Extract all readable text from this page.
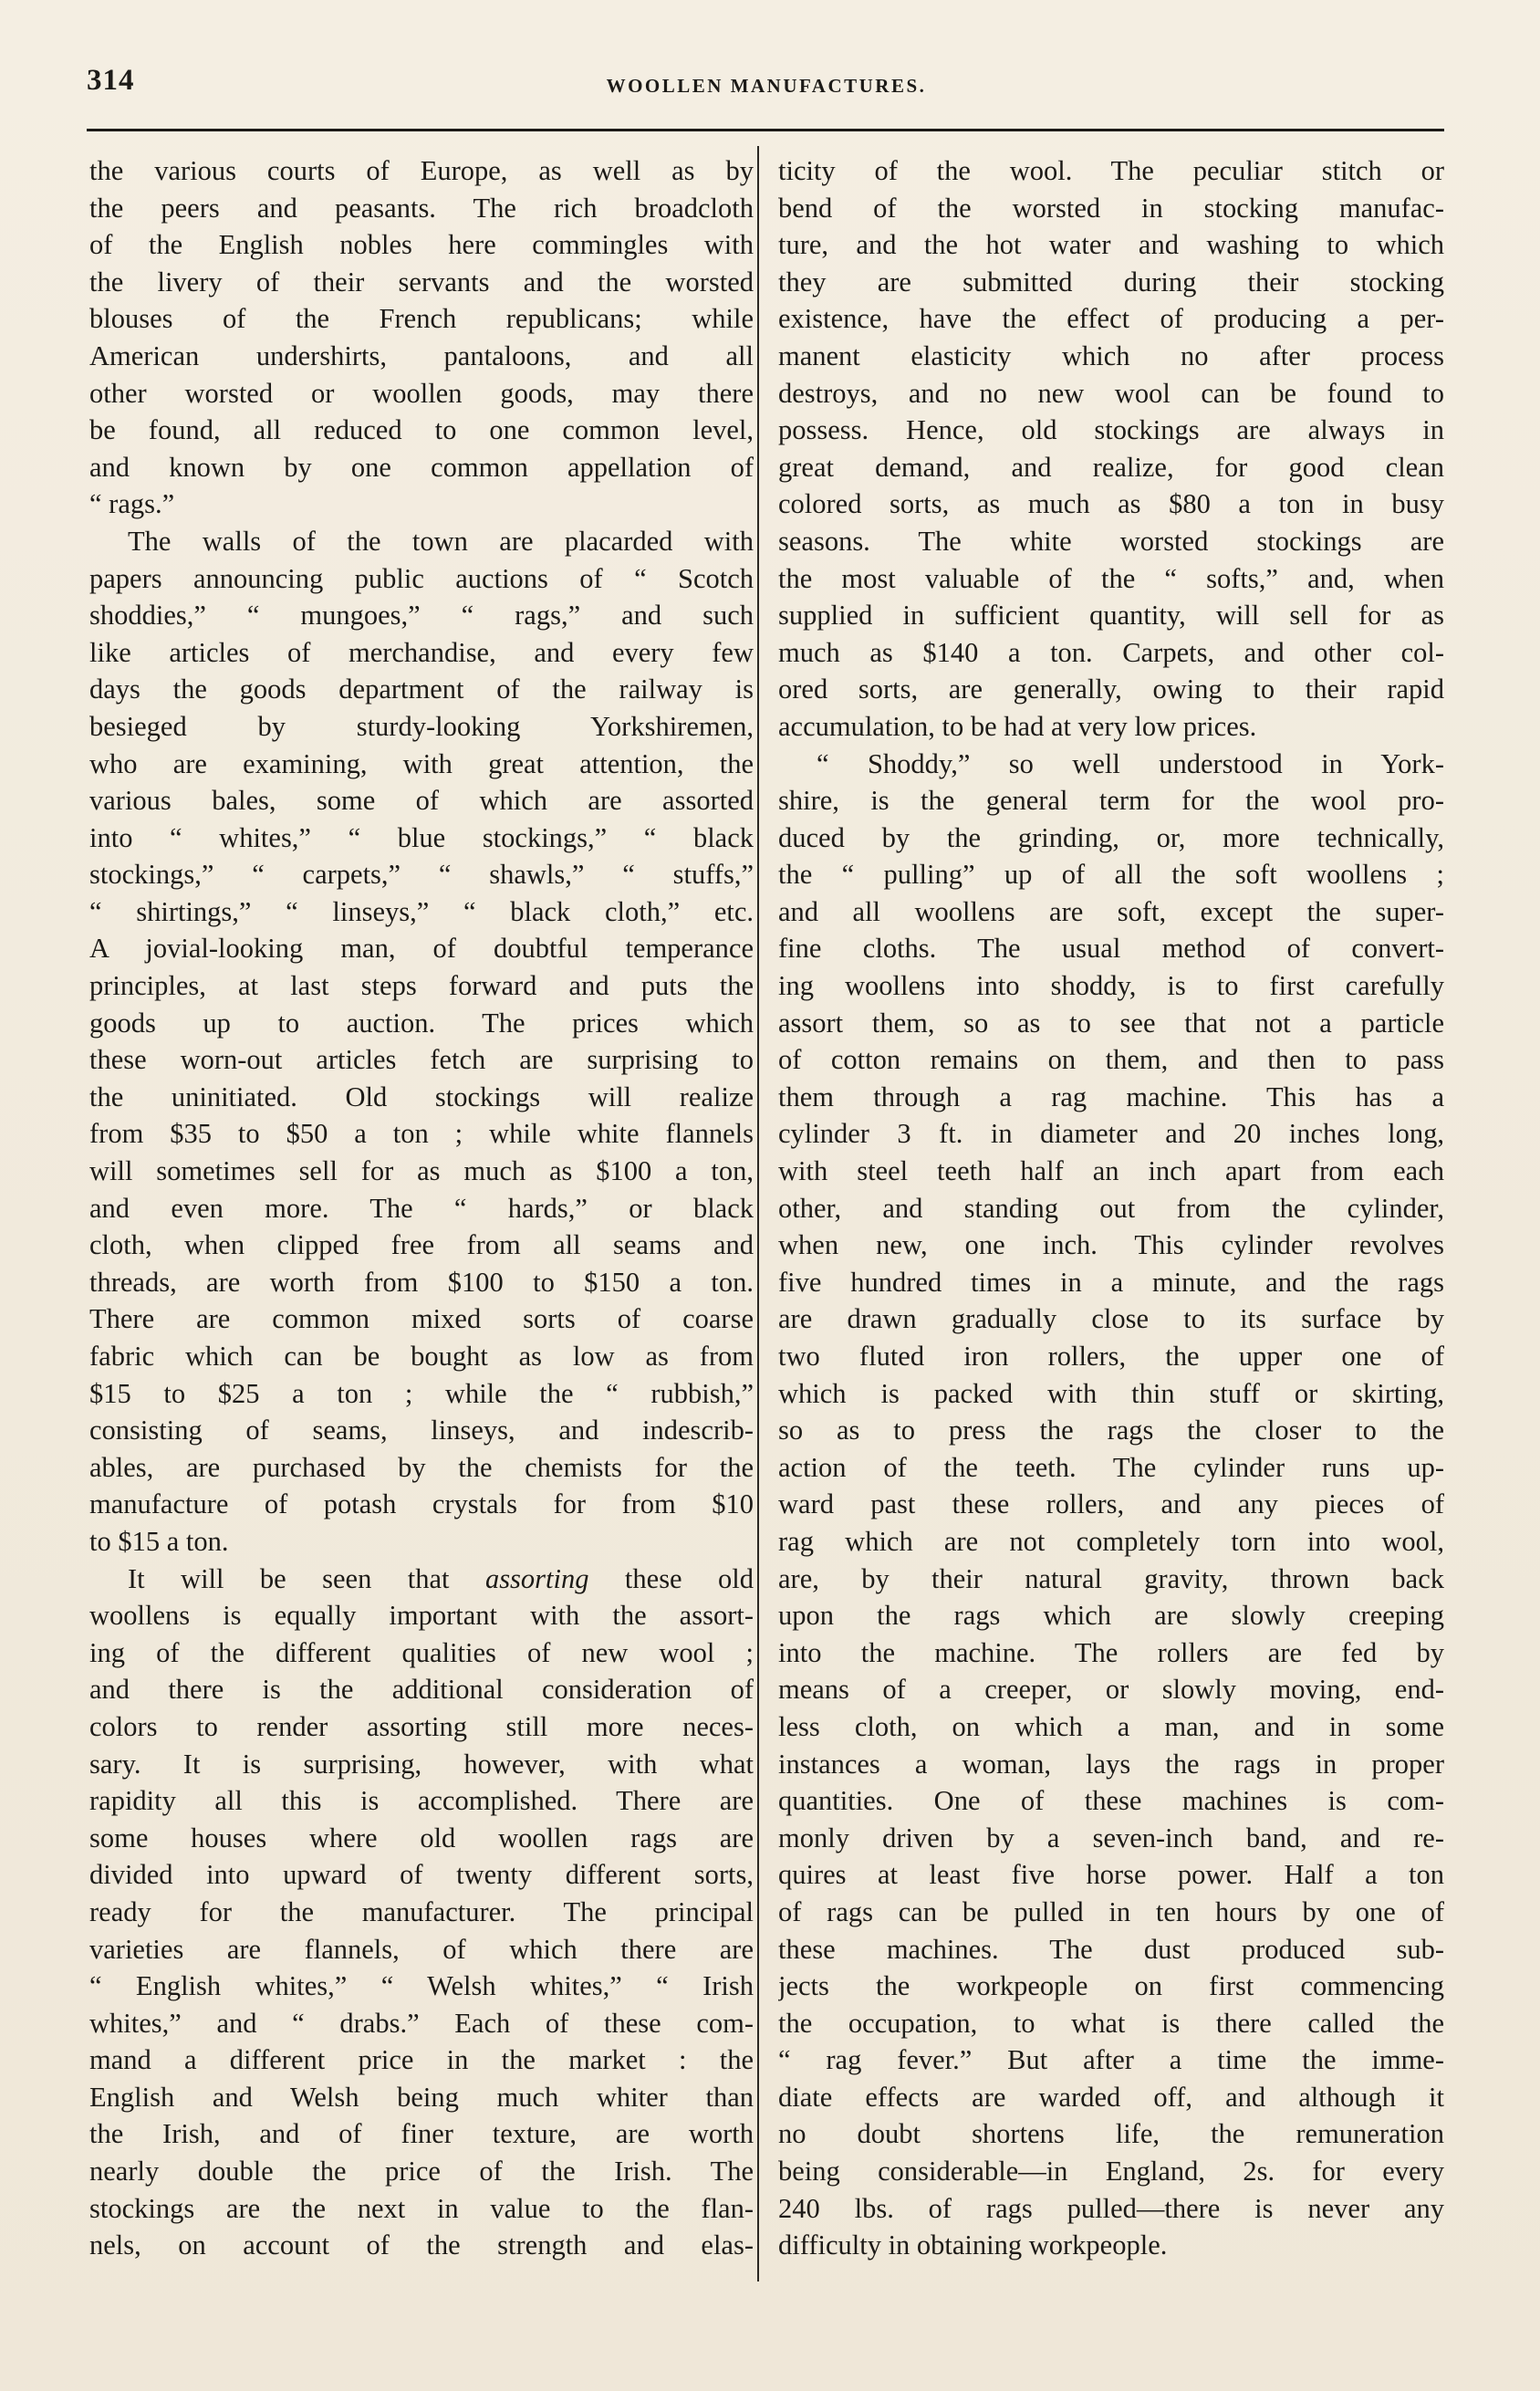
314	WOOLLEN MANUFACTURES.
the various courts of Europe, as well as by
the peers and peasants. The rich broadcloth
of the English nobles here commingles with
the livery of their servants and the worsted
blouses of the French republicans; while
American undershirts, pantaloons, and all
other worsted or woollen goods, may there
be found, all reduced to one common level,
and known by one common appellation of
“ rags.”
The walls of the town are placarded with
papers announcing public auctions of “ Scotch
shoddies,” “ mungoes,” “ rags,” and such
like articles of merchandise, and every few
days the goods department of the railway is
besieged by sturdy-looking Yorkshiremen,
who are examining, with great attention, the
various bales, some of which are assorted
into “ whites,” “ blue stockings,” “ black
stockings,” “ carpets,” “ shawls,” “ stuffs,”
“ shirtings,” “ linseys,” “ black cloth,” etc.
A jovial-looking man, of doubtful temperance
principles, at last steps forward and puts the
goods up to auction. The prices which
these worn-out articles fetch are surprising to
the uninitiated. Old stockings will realize
from $35 to $50 a ton ; while white flannels
will sometimes sell for as much as $100 a ton,
and even more. The “ hards,” or black
cloth, when clipped free from all seams and
threads, are worth from $100 to $150 a ton.
There are common mixed sorts of coarse
fabric which can be bought as low as from
$15 to $25 a ton ; while the “ rubbish,”
consisting of seams, linseys, and indescrib-
ables, are purchased by the chemists for the
manufacture of potash crystals for from $10
to $15 a ton.
It will be seen that assorting these old
woollens is equally important with the assort-
ing of the different qualities of new wool ;
and there is the additional consideration of
colors to render assorting still more neces-
sary. It is surprising, however, with what
rapidity all this is accomplished. There are
some houses where old woollen rags are
divided into upward of twenty different sorts,
ready for the manufacturer. The principal
varieties are flannels, of which there are
“ English whites,” “ Welsh whites,” “ Irish
whites,” and “ drabs.” Each of these com-
mand a different price in the market : the
English and Welsh being much whiter than
the Irish, and of finer texture, are worth
nearly double the price of the Irish. The
stockings are the next in value to the flan-
nels, on account of the strength and elas-
ticity of the wool. The peculiar stitch or
bend of the worsted in stocking manufac-
ture, and the hot water and washing to which
they are submitted during their stocking
existence, have the effect of producing a per-
manent elasticity which no after process
destroys, and no new wool can be found to
possess. Hence, old stockings are always in
great demand, and realize, for good clean
colored sorts, as much as $80 a ton in busy
seasons. The white worsted stockings are
the most valuable of the “ softs,” and, when
supplied in sufficient quantity, will sell for as
much as $140 a ton. Carpets, and other col-
ored sorts, are generally, owing to their rapid
accumulation, to be had at very low prices.
“ Shoddy,” so well understood in York-
shire, is the general term for the wool pro-
duced by the grinding, or, more technically,
the “ pulling” up of all the soft woollens ;
and all woollens are soft, except the super-
fine cloths. The usual method of convert-
ing woollens into shoddy, is to first carefully
assort them, so as to see that not a particle
of cotton remains on them, and then to pass
them through a rag machine. This has a
cylinder 3 ft. in diameter and 20 inches long,
with steel teeth half an inch apart from each
other, and standing out from the cylinder,
when new, one inch. This cylinder revolves
five hundred times in a minute, and the rags
are drawn gradually close to its surface by
two fluted iron rollers, the upper one of
which is packed with thin stuff or skirting,
so as to press the rags the closer to the
action of the teeth. The cylinder runs up-
ward past these rollers, and any pieces of
rag which are not completely torn into wool,
are, by their natural gravity, thrown back
upon the rags which are slowly creeping
into the machine. The rollers are fed by
means of a creeper, or slowly moving, end-
less cloth, on which a man, and in some
instances a woman, lays the rags in proper
quantities. One of these machines is com-
monly driven by a seven-inch band, and re-
quires at least five horse power. Half a ton
of rags can be pulled in ten hours by one of
these machines. The dust produced sub-
jects the workpeople on first commencing
the occupation, to what is there called the
“ rag fever.” But after a time the imme-
diate effects are warded off, and although it
no doubt shortens life, the remuneration
being considerable—in England, 2s. for every
240 lbs. of rags pulled—there is never any
difficulty in obtaining workpeople.
